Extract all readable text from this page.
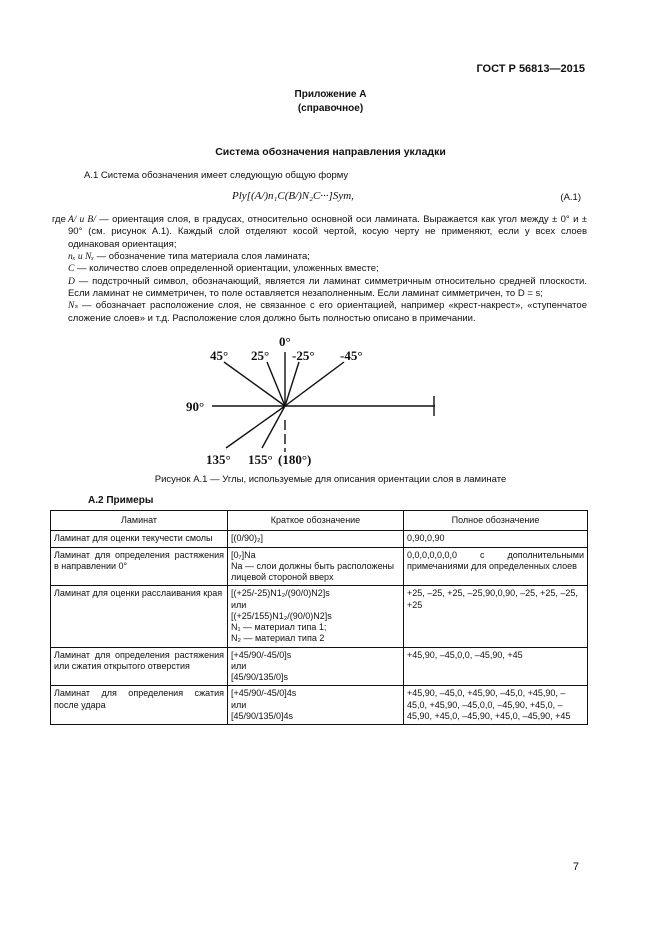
ГОСТ Р 56813—2015
Приложение А
(справочное)
Система обозначения направления укладки
А.1 Система обозначения имеет следующую общую форму
Ply[(A/)n₁C(B/)N₂C···]Sym,	(А.1)
где A/ и B/ — ориентация слоя, в градусах, относительно основной оси ламината. Выражается как угол между ± 0° и ± 90° (см. рисунок А.1). Каждый слой отделяют косой чертой, косую черту не применяют, если у всех слоев одинаковая ориентация;

nₓ и Nₓ — обозначение типа материала слоя ламината;

C — количество слоев определенной ориентации, уложенных вместе;

D — подстрочный символ, обозначающий, является ли ламинат симметричным относительно средней плоскости. Если ламинат не симметричен, то поле оставляется незаполненным. Если ламинат симметричен, то D = s;

Nₛ — обозначает расположение слоя, не связанное с его ориентацией, например «крест-накрест», «ступенчатое сложение слоев» и т.д. Расположение слоя должно быть полностью описано в примечании.

0°
45° 25° -25° -45°
90°
135° 155° (180°)
Рисунок А.1 — Углы, используемые для описания ориентации слоя в ламинате
А.2 Примеры
Ламинат	Краткое обозначение	Полное обозначение
Ламинат для оценки текучести смолы	[(0/90)₂]	0,90,0,90
Ламинат для определения растяжения в направлении 0°	[0₇]Na
Na — слои должны быть расположены лицевой стороной вверх	0,0,0,0,0,0,0 с дополнительными примечаниями для определенных слоев
Ламинат для оценки расслаивания края	[(+25/-25)N1₂/(90/0)N2]s
или
[(+25/155)N1₂/(90/0)N2]s
N₁ — материал типа 1;
N₂ — материал типа 2	+25, –25, +25, –25,90,0,90, –25, +25, –25, +25
Ламинат для определения растяжения или сжатия открытого отверстия	[+45/90/-45/0]s
или
[45/90/135/0]s	+45,90, –45,0,0, –45,90, +45
Ламинат для определения сжатия после удара	[+45/90/-45/0]4s
или
[45/90/135/0]4s	+45,90, –45,0, +45,90, –45,0, +45,90, –45,0, +45,90, –45,0,0, –45,90, +45,0, –45,90, +45,0, –45,90, +45,0, –45,90, +45
7
